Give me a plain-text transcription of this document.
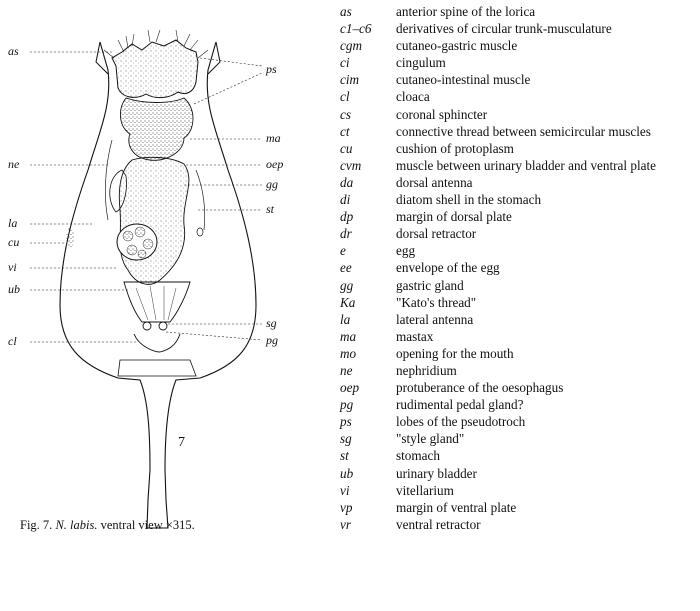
as
ne
la
cu
vi
ub
cl
ps
ma
oep
gg
st
sg
pg
7
Fig. 7. N. labis. ventral view ×315.
as	anterior spine of the lorica
c1–c6	derivatives of circular trunk-musculature
cgm	cutaneo-gastric muscle
ci	cingulum
cim	cutaneo-intestinal muscle
cl	cloaca
cs	coronal sphincter
ct	connective thread between semicircular muscles
cu	cushion of protoplasm
cvm	muscle between urinary bladder and ventral plate
da	dorsal antenna
di	diatom shell in the stomach
dp	margin of dorsal plate
dr	dorsal retractor
e	egg
ee	envelope of the egg
gg	gastric gland
Ka	"Kato's thread"
la	lateral antenna
ma	mastax
mo	opening for the mouth
ne	nephridium
oep	protuberance of the oesophagus
pg	rudimental pedal gland?
ps	lobes of the pseudotroch
sg	"style gland"
st	stomach
ub	urinary bladder
vi	vitellarium
vp	margin of ventral plate
vr	ventral retractor
